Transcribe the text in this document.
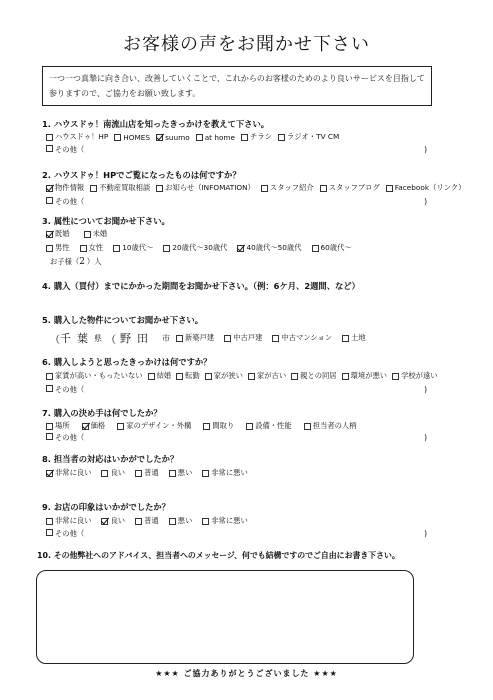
お客様の声をお聞かせ下さい
一つ一つ真摯に向き合い、改善していくことで、これからのお客様のためのより良いサービスを目指して参りますので、ご協力をお願い致します。
1. ハウスドゥ！南流山店を知ったきっかけを教えて下さい。
ハウスドゥ！HP HOMES suumo at home チラシ ラジオ・TV CM
その他（	)
2. ハウスドゥ！HPでご覧になったものは何ですか？
物件情報 不動産買取相談 お知らせ（INFOMATION） スタッフ紹介 スタッフブログ Facebook（リンク）
その他（	)
3. 属性についてお聞かせ下さい。
既婚	未婚
男性	女性	10歳代〜	20歳代〜30歳代	40歳代〜50歳代	60歳代〜
お子様（2）人
4. 購入（買付）までにかかった期間をお聞かせ下さい。（例：6ケ月、2週間、など）
5. 購入した物件についてお聞かせ下さい。
（ 千葉 県 （ 野田 市 新築戸建	中古戸建	中古マンション	土地
6. 購入しようと思ったきっかけは何ですか？
家賃が高い・もったいない 結婚 転勤 家が狭い 家が古い 親との同居 環境が悪い 学校が遠い
その他（	)
7. 購入の決め手は何でしたか？
場所	価格	家のデザイン・外構	間取り	設備・性能	担当者の人柄
その他（	)
8. 担当者の対応はいかがでしたか？
非常に良い	良い	普通	悪い	非常に悪い
9. お店の印象はいかがでしたか？
非常に良い	良い	普通	悪い	非常に悪い
その他（	)
10. その他弊社へのアドバイス、担当者へのメッセージ、何でも結構ですのでご自由にお書き下さい。
★★★ ご協力ありがとうございました ★★★
